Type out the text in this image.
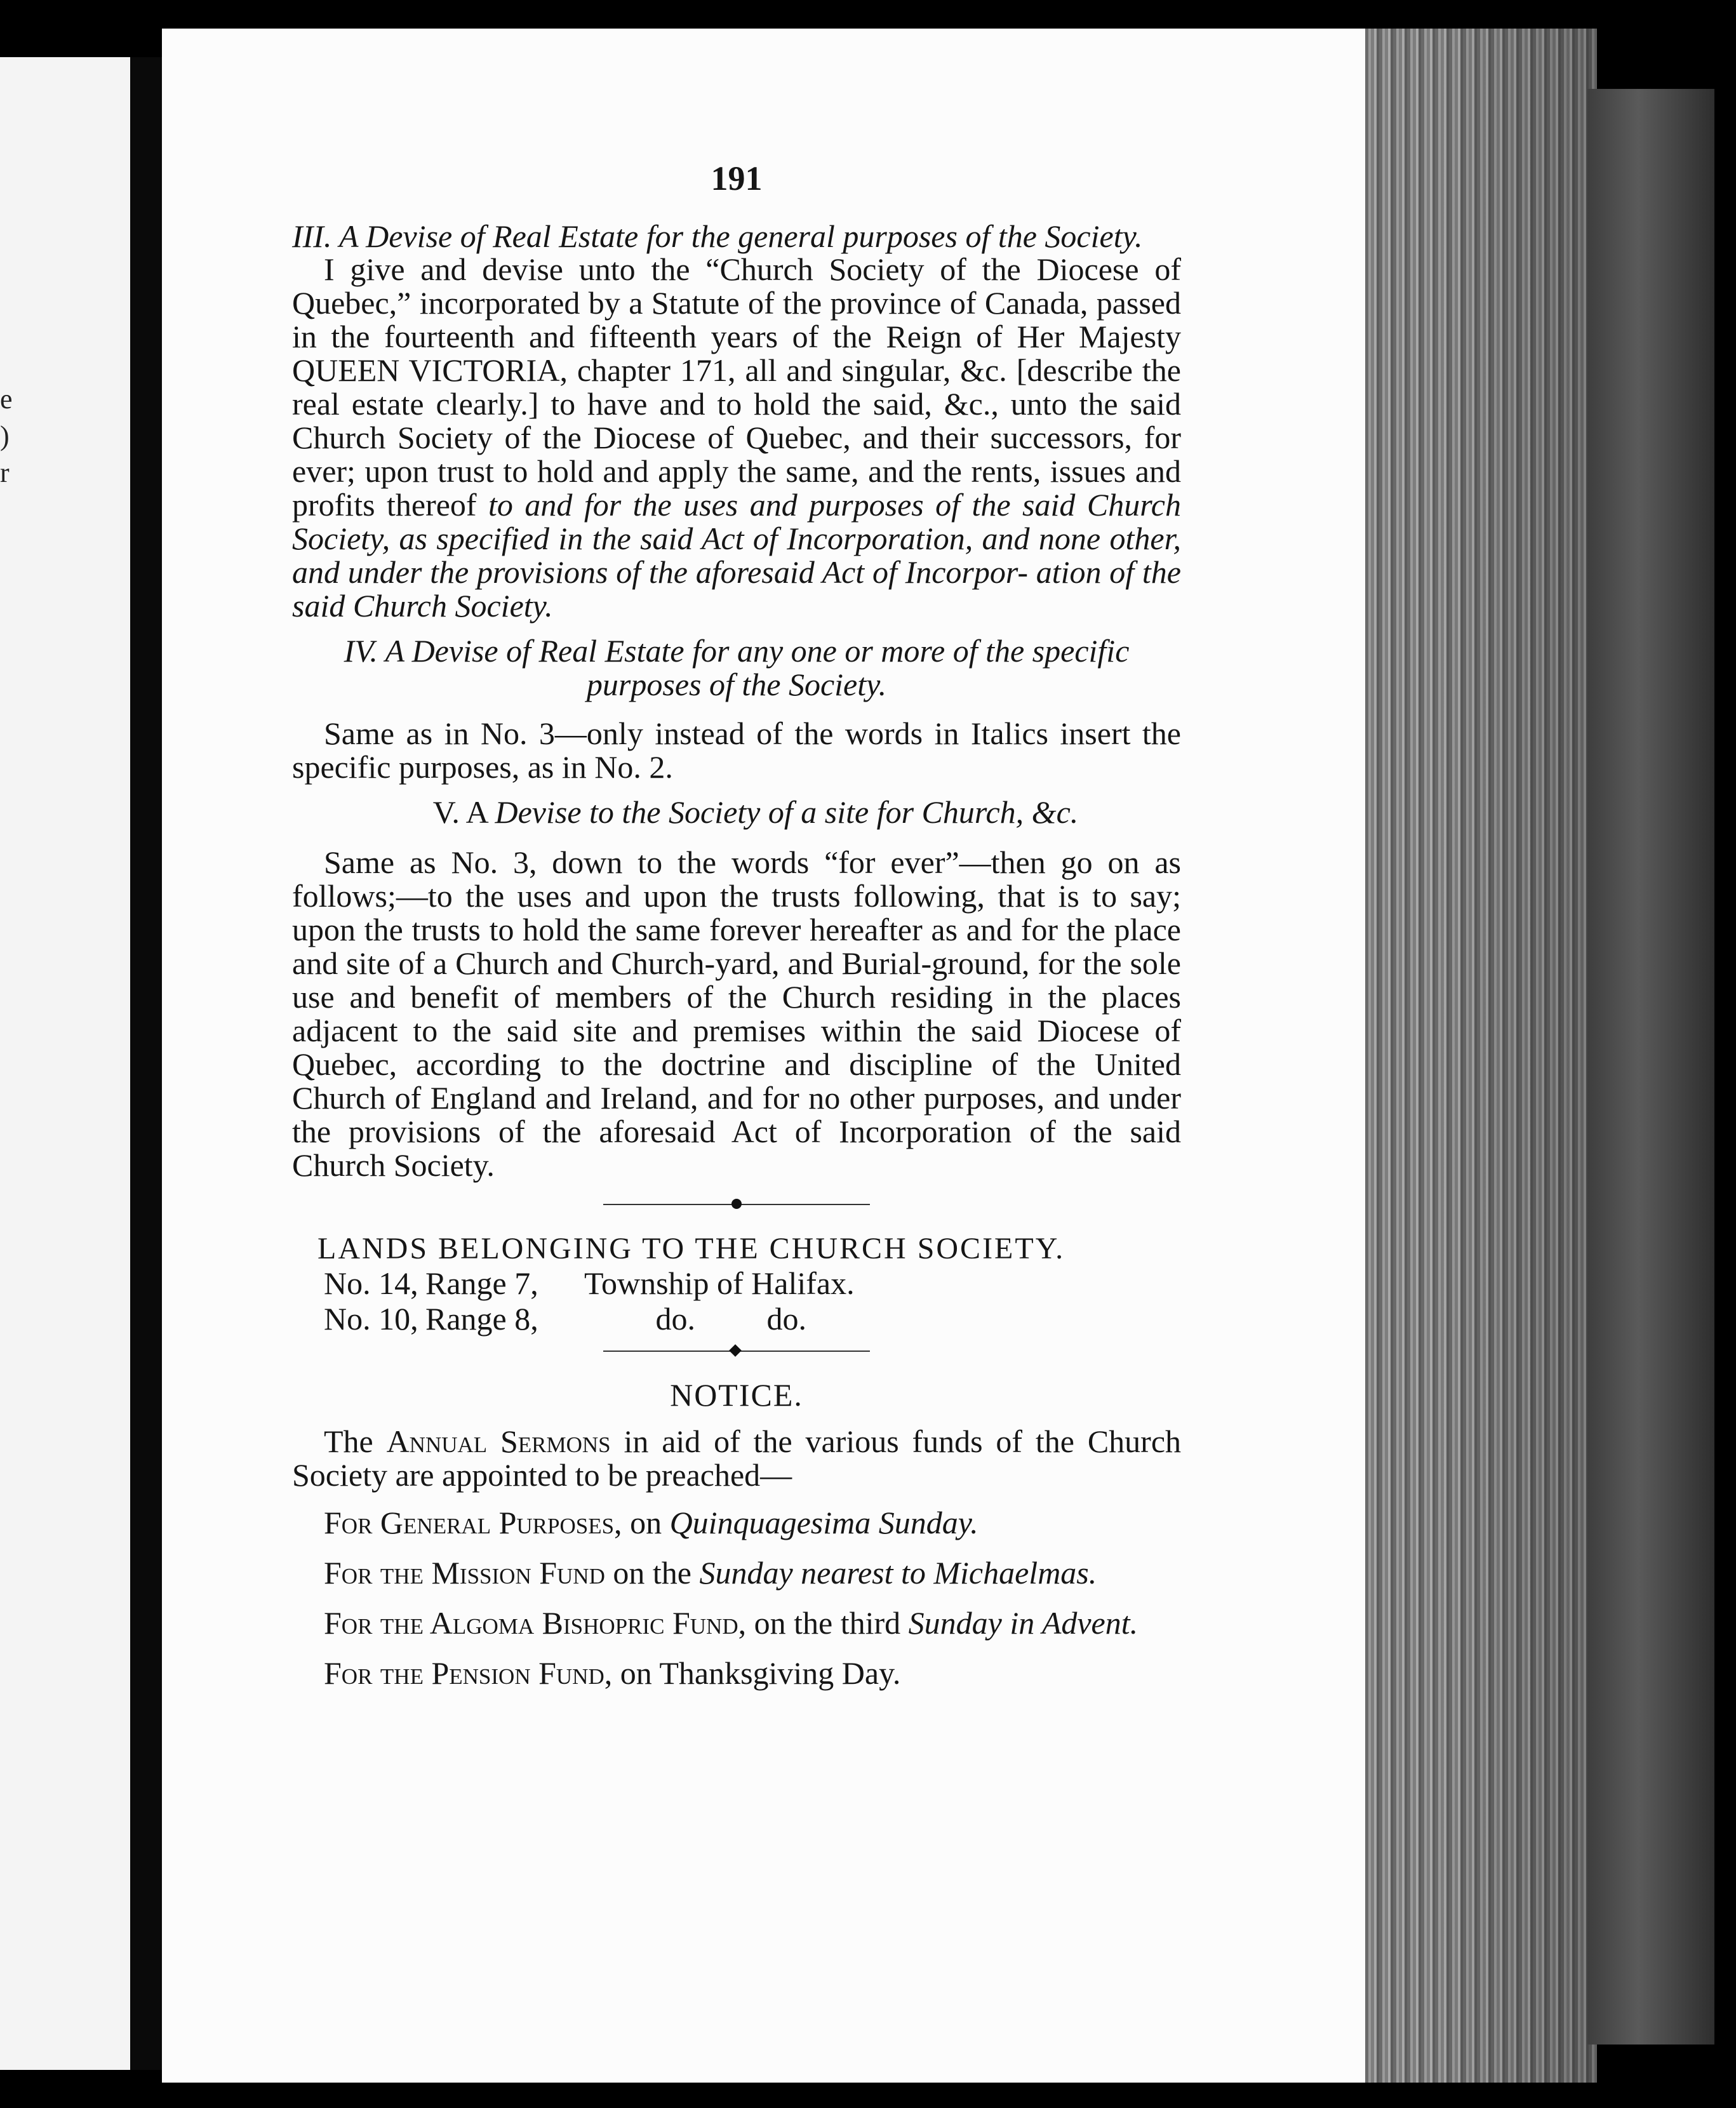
e
)
r
191

III. A Devise of Real Estate for the general purposes of the Society.

I give and devise unto the “Church Society of the Diocese of Quebec,” incorporated by a Statute of the province of Canada, passed in the fourteenth and fifteenth years of the Reign of Her Majesty QUEEN VICTORIA, chapter 171, all and singular, &c. [describe the real estate clearly.] to have and to hold the said, &c., unto the said Church Society of the Diocese of Quebec, and their successors, for ever; upon trust to hold and apply the same, and the rents, issues and profits thereof to and for the uses and purposes of the said Church Society, as specified in the said Act of Incorporation, and none other, and under the provisions of the aforesaid Act of Incorpor- ation of the said Church Society.

IV. A Devise of Real Estate for any one or more of the specific

purposes of the Society.

Same as in No. 3—only instead of the words in Italics insert the specific purposes, as in No. 2.

V. A Devise to the Society of a site for Church, &c.

Same as No. 3, down to the words “for ever”—then go on as follows;—to the uses and upon the trusts following, that is to say; upon the trusts to hold the same forever hereafter as and for the place and site of a Church and Church-yard, and Burial-ground, for the sole use and benefit of members of the Church residing in the places adjacent to the said site and premises within the said Diocese of Quebec, according to the doctrine and discipline of the United Church of England and Ireland, and for no other purposes, and under the provisions of the aforesaid Act of Incorporation of the said Church Society.

LANDS BELONGING TO THE CHURCH SOCIETY.

No. 14, Range 7,	Township of Halifax.
No. 10, Range 8,	do.         do.

NOTICE.

The Annual Sermons in aid of the various funds of the Church Society are appointed to be preached—

For General Purposes, on Quinquagesima Sunday.

For the Mission Fund on the Sunday nearest to Michaelmas.

For the Algoma Bishopric Fund, on the third Sunday in Advent.

For the Pension Fund, on Thanksgiving Day.
